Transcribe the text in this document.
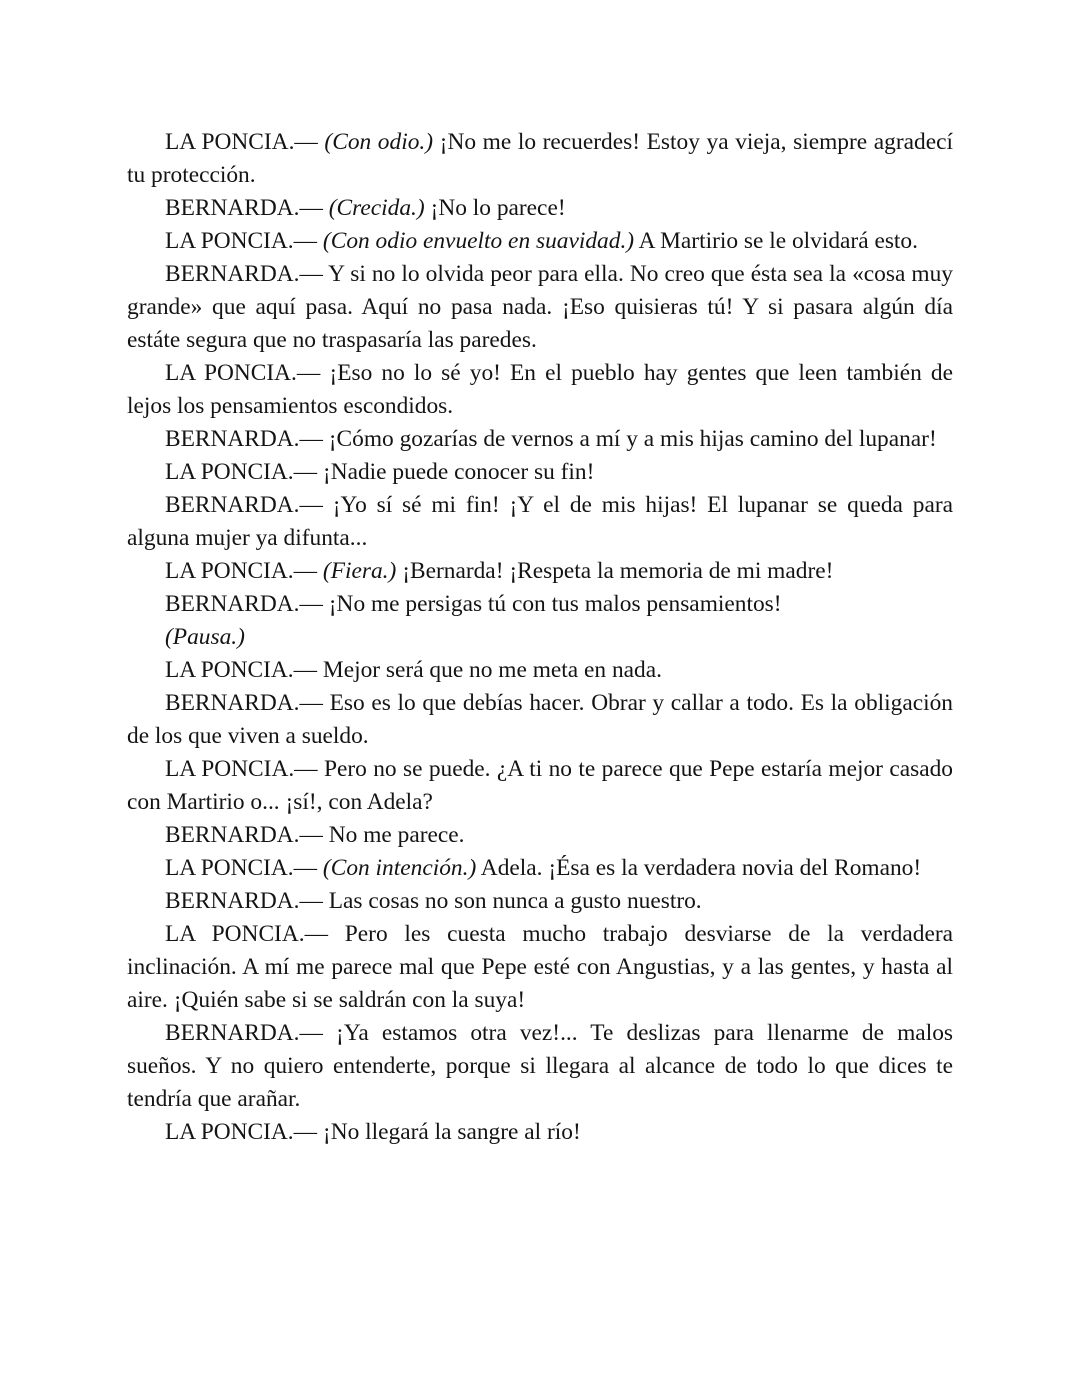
LA PONCIA.— (Con odio.) ¡No me lo recuerdes! Estoy ya vieja, siempre agradecí tu protección.

BERNARDA.— (Crecida.) ¡No lo parece!

LA PONCIA.— (Con odio envuelto en suavidad.) A Martirio se le olvidará esto.

BERNARDA.— Y si no lo olvida peor para ella. No creo que ésta sea la «cosa muy grande» que aquí pasa. Aquí no pasa nada. ¡Eso quisieras tú! Y si pasara algún día estáte segura que no traspasaría las paredes.

LA PONCIA.— ¡Eso no lo sé yo! En el pueblo hay gentes que leen también de lejos los pensamientos escondidos.

BERNARDA.— ¡Cómo gozarías de vernos a mí y a mis hijas camino del lupanar!

LA PONCIA.— ¡Nadie puede conocer su fin!

BERNARDA.— ¡Yo sí sé mi fin! ¡Y el de mis hijas! El lupanar se queda para alguna mujer ya difunta...

LA PONCIA.— (Fiera.) ¡Bernarda! ¡Respeta la memoria de mi madre!

BERNARDA.— ¡No me persigas tú con tus malos pensamientos!

(Pausa.)

LA PONCIA.— Mejor será que no me meta en nada.

BERNARDA.— Eso es lo que debías hacer. Obrar y callar a todo. Es la obligación de los que viven a sueldo.

LA PONCIA.— Pero no se puede. ¿A ti no te parece que Pepe estaría mejor casado con Martirio o... ¡sí!, con Adela?

BERNARDA.— No me parece.

LA PONCIA.— (Con intención.) Adela. ¡Ésa es la verdadera novia del Romano!

BERNARDA.— Las cosas no son nunca a gusto nuestro.

LA PONCIA.— Pero les cuesta mucho trabajo desviarse de la verdadera inclinación. A mí me parece mal que Pepe esté con Angustias, y a las gentes, y hasta al aire. ¡Quién sabe si se saldrán con la suya!

BERNARDA.— ¡Ya estamos otra vez!... Te deslizas para llenarme de malos sueños. Y no quiero entenderte, porque si llegara al alcance de todo lo que dices te tendría que arañar.

LA PONCIA.— ¡No llegará la sangre al río!
